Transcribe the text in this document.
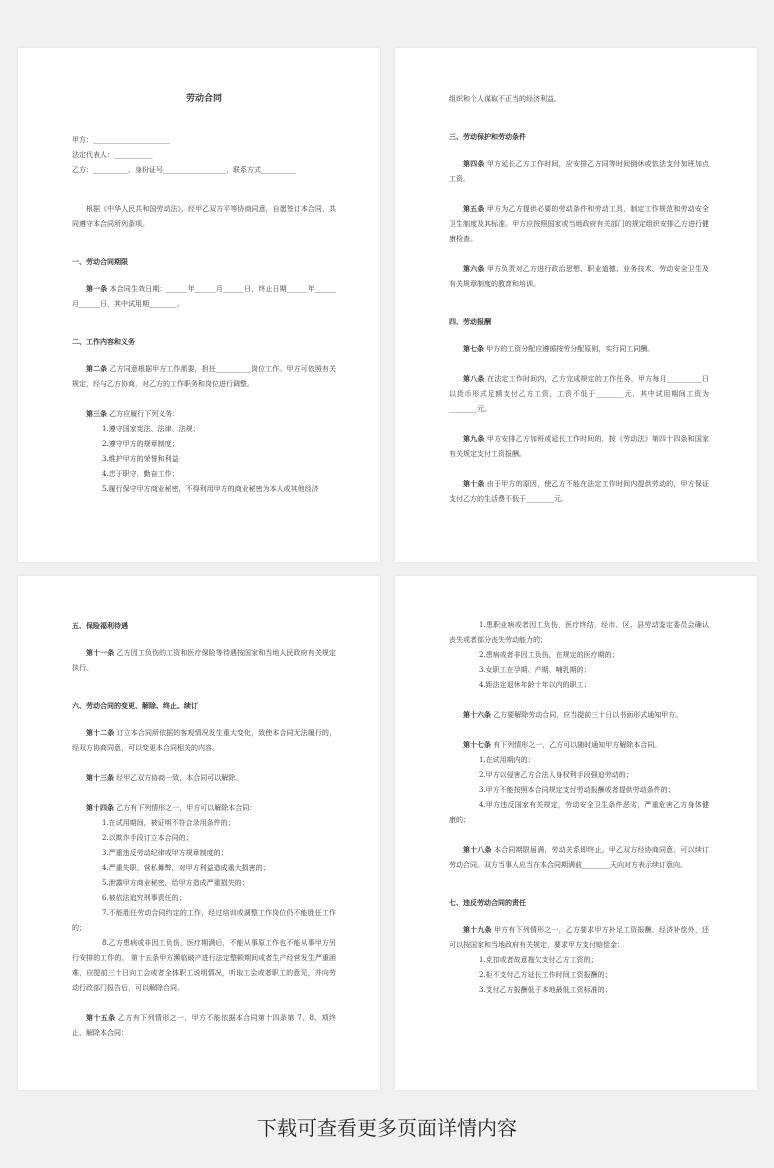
劳动合同

甲方：______________________

法定代表人：___________

乙方：__________，身份证号__________________，联系方式__________

根据《中华人民共和国劳动法》，经甲乙双方平等协商同意，自愿签订本合同，共同遵守本合同所列条项。

一、劳动合同期限

第一条 本合同生效日期：______年______月______日，终止日期______年______月______日，其中试用期________。

二、工作内容和义务

第二条 乙方同意根据甲方工作需要，担任__________岗位工作。甲方可依照有关规定，经与乙方协商，对乙方的工作职务和岗位进行调整。

第三条 乙方应履行下列义务：

1.遵守国家宪法、法律、法规；

2.遵守甲方的规章制度；

3.维护甲方的荣誉和利益

4.忠于职守，勤奋工作；

5.履行保守甲方商业秘密，不得利用甲方的商业秘密为本人或其他经济

组织和个人谋取不正当的经济利益。

三、劳动保护和劳动条件

第四条 甲方延长乙方工作时间，应安排乙方同等时间倒休或依法支付加班加点工资。

第五条 甲方为乙方提供必要的劳动条件和劳动工具，制定工作规范和劳动安全卫生制度及其标准。甲方应按照国家或当地政府有关部门的规定组织安排乙方进行健康检查。

第六条 甲方负责对乙方进行政治思想、职业道德、业务技术、劳动安全卫生及有关规章制度的教育和培训。

四、劳动报酬

第七条 甲方的工资分配应遵循按劳分配原则，实行同工同酬。

第八条 在法定工作时间内，乙方完成规定的工作任务，甲方每月__________日以货币形式足额支付乙方工资，工资不低于________元，其中试用期间工资为________元。

第九条 甲方安排乙方加班或延长工作时间的，按《劳动法》第四十四条和国家有关规定支付工资报酬。

第十条 由于甲方的原因，使乙方不能在法定工作时间内提供劳动的，甲方保证支付乙方的生活费不低于________元。

五、保险福利待遇

第十一条 乙方因工负伤的工资和医疗保险等待遇按国家和当地人民政府有关规定执行。

六、劳动合同的变更、解除、终止、续订

第十二条 订立本合同所依据的客观情况发生重大变化，致使本合同无法履行的，经双方协商同意，可以变更本合同相关的内容。

第十三条 经甲乙双方协商一致，本合同可以解除。

第十四条 乙方有下列情形之一，甲方可以解除本合同：

1.在试用期间，被证明不符合录用条件的；

2.以欺诈手段订立本合同的；

3.严重违反劳动纪律或甲方规章制度的；

4.严重失职、营私舞弊，对甲方利益造成重大损害的；

5.泄露甲方商业秘密，给甲方造成严重损失的；

6.被依法追究刑事责任的；

7.不能胜任劳动合同约定的工作，经过培训或调整工作岗位仍不能胜任工作的；

8.乙方患病或非因工负伤，医疗期满后，不能从事原工作也不能从事甲方另行安排的工作的。 第十五条甲方濒临破产进行法定整顿期间或者生产经营发生严重困难，应提前三十日向工会或者全体职工说明情况，听取工会或者职工的意见，并向劳动行政部门报告后，可以解除合同。

第十五条 乙方有下列情形之一，甲方不能依据本合同第十四条第 7、8、项终止、解除本合同：

1.患职业病或者因工负伤，医疗终结，经市、区、县劳动鉴定委员会确认丧失或者部分丧失劳动能力的；

2.患病或者非因工负伤，在规定的医疗期的；

3.女职工在孕期、产期、哺乳期的；

4.距法定退休年龄十年以内的职工；

第十六条 乙方要解除劳动合同，应当提前三十日以书面形式通知甲方。

第十七条 有下列情形之一，乙方可以随时通知甲方解除本合同。

1.在试用期内的；

2.甲方以侵害乙方合法人身权利手段强迫劳动的；

3.甲方不能按照本合同规定支付劳动报酬或者提供劳动条件的；

4.甲方违反国家有关规定，劳动安全卫生条件恶劣，严重危害乙方身体健康的；

第十八条 本合同期限届满，劳动关系即终止。甲乙双方经协商同意，可以续订劳动合同。双方当事人应当在本合同期满前________天向对方表示续订意向。

七、违反劳动合同的责任

第十九条 甲方有下列情形之一，乙方要求甲方补足工资报酬、经济补偿外，还可以按国家和当地政府有关规定，要求甲方支付赔偿金：

1.克扣或者故意拖欠支付乙方工资的；

2.拒不支付乙方延长工作时间工资报酬的；

3.支付乙方报酬低于本地最低工资标准的；

下载可查看更多页面详情内容
